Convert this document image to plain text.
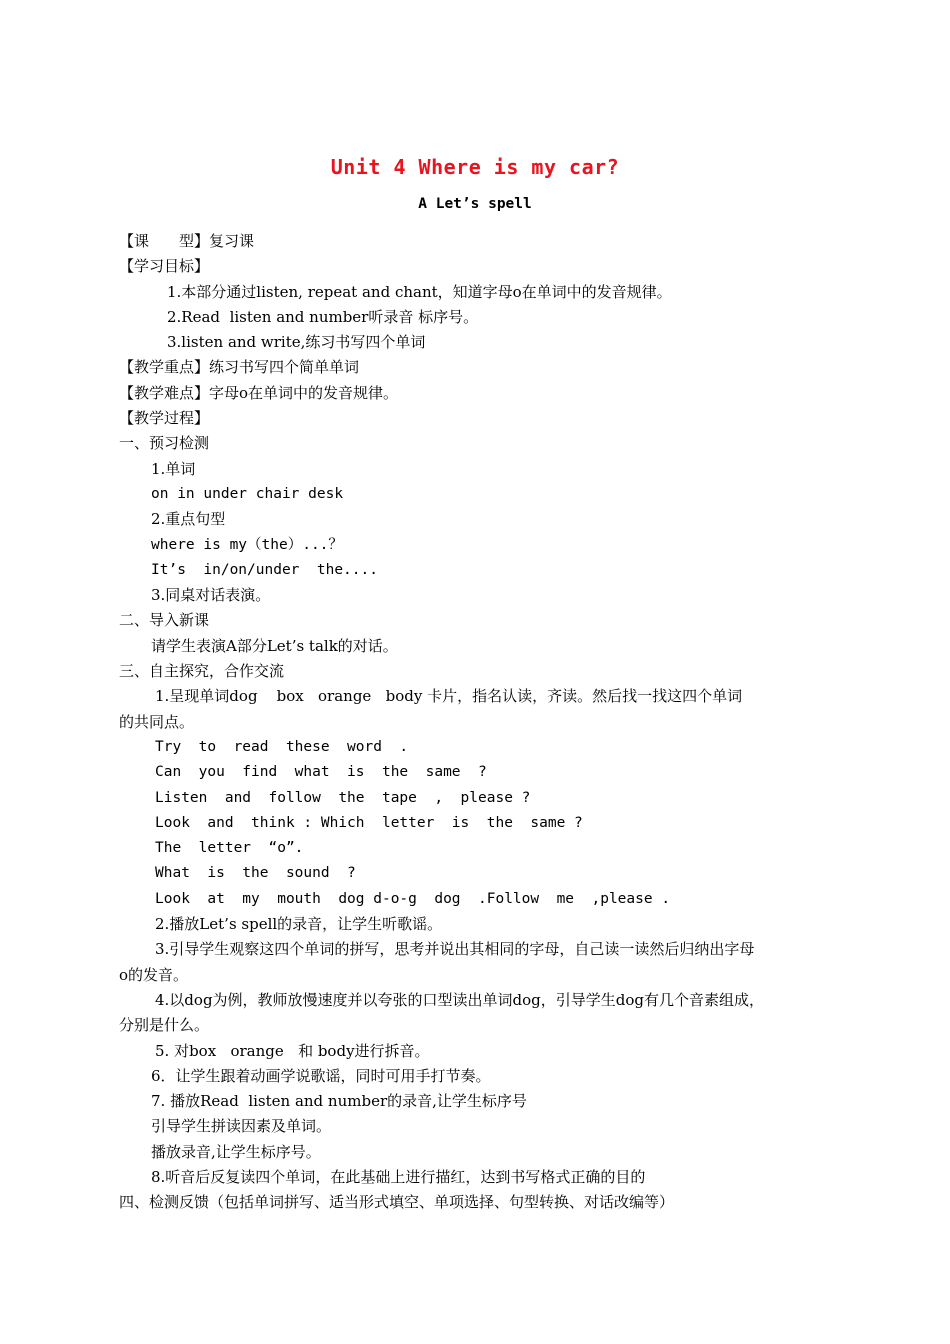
Unit 4 Where is my car?
A Let’s spell
【课　　型】复习课
【学习目标】
1.本部分通过listen, repeat and chant，知道字母o在单词中的发音规律。
2.Read  listen and number听录音 标序号。
3.listen and write,练习书写四个单词
【教学重点】练习书写四个简单单词
【教学难点】字母o在单词中的发音规律。
【教学过程】
一、预习检测
1.单词
on in under chair desk
2.重点句型
where is my（the）...？
It’s  in/on/under  the....
3.同桌对话表演。
二、导入新课
请学生表演A部分Let’s talk的对话。
三、自主探究，合作交流
1.呈现单词dog    box   orange   body 卡片，指名认读，齐读。然后找一找这四个单词
的共同点。
Try  to  read  these  word  .
Can  you  find  what  is  the  same  ?
Listen  and  follow  the  tape  ,  please ?
Look  and  think : Which  letter  is  the  same ?
The  letter  “o”.
What  is  the  sound  ?
Look  at  my  mouth  dog d-o-g  dog  .Follow  me  ,please .
2.播放Let’s spell的录音，让学生听歌谣。
3.引导学生观察这四个单词的拼写，思考并说出其相同的字母，自己读一读然后归纳出字母
o的发音。
4.以dog为例，教师放慢速度并以夸张的口型读出单词dog，引导学生dog有几个音素组成，
分别是什么。
5. 对box   orange   和 body进行拆音。
6．让学生跟着动画学说歌谣，同时可用手打节奏。
7. 播放Read  listen and number的录音,让学生标序号
引导学生拼读因素及单词。
播放录音,让学生标序号。
8.听音后反复读四个单词，在此基础上进行描红，达到书写格式正确的目的
四、检测反馈（包括单词拼写、适当形式填空、单项选择、句型转换、对话改编等）
